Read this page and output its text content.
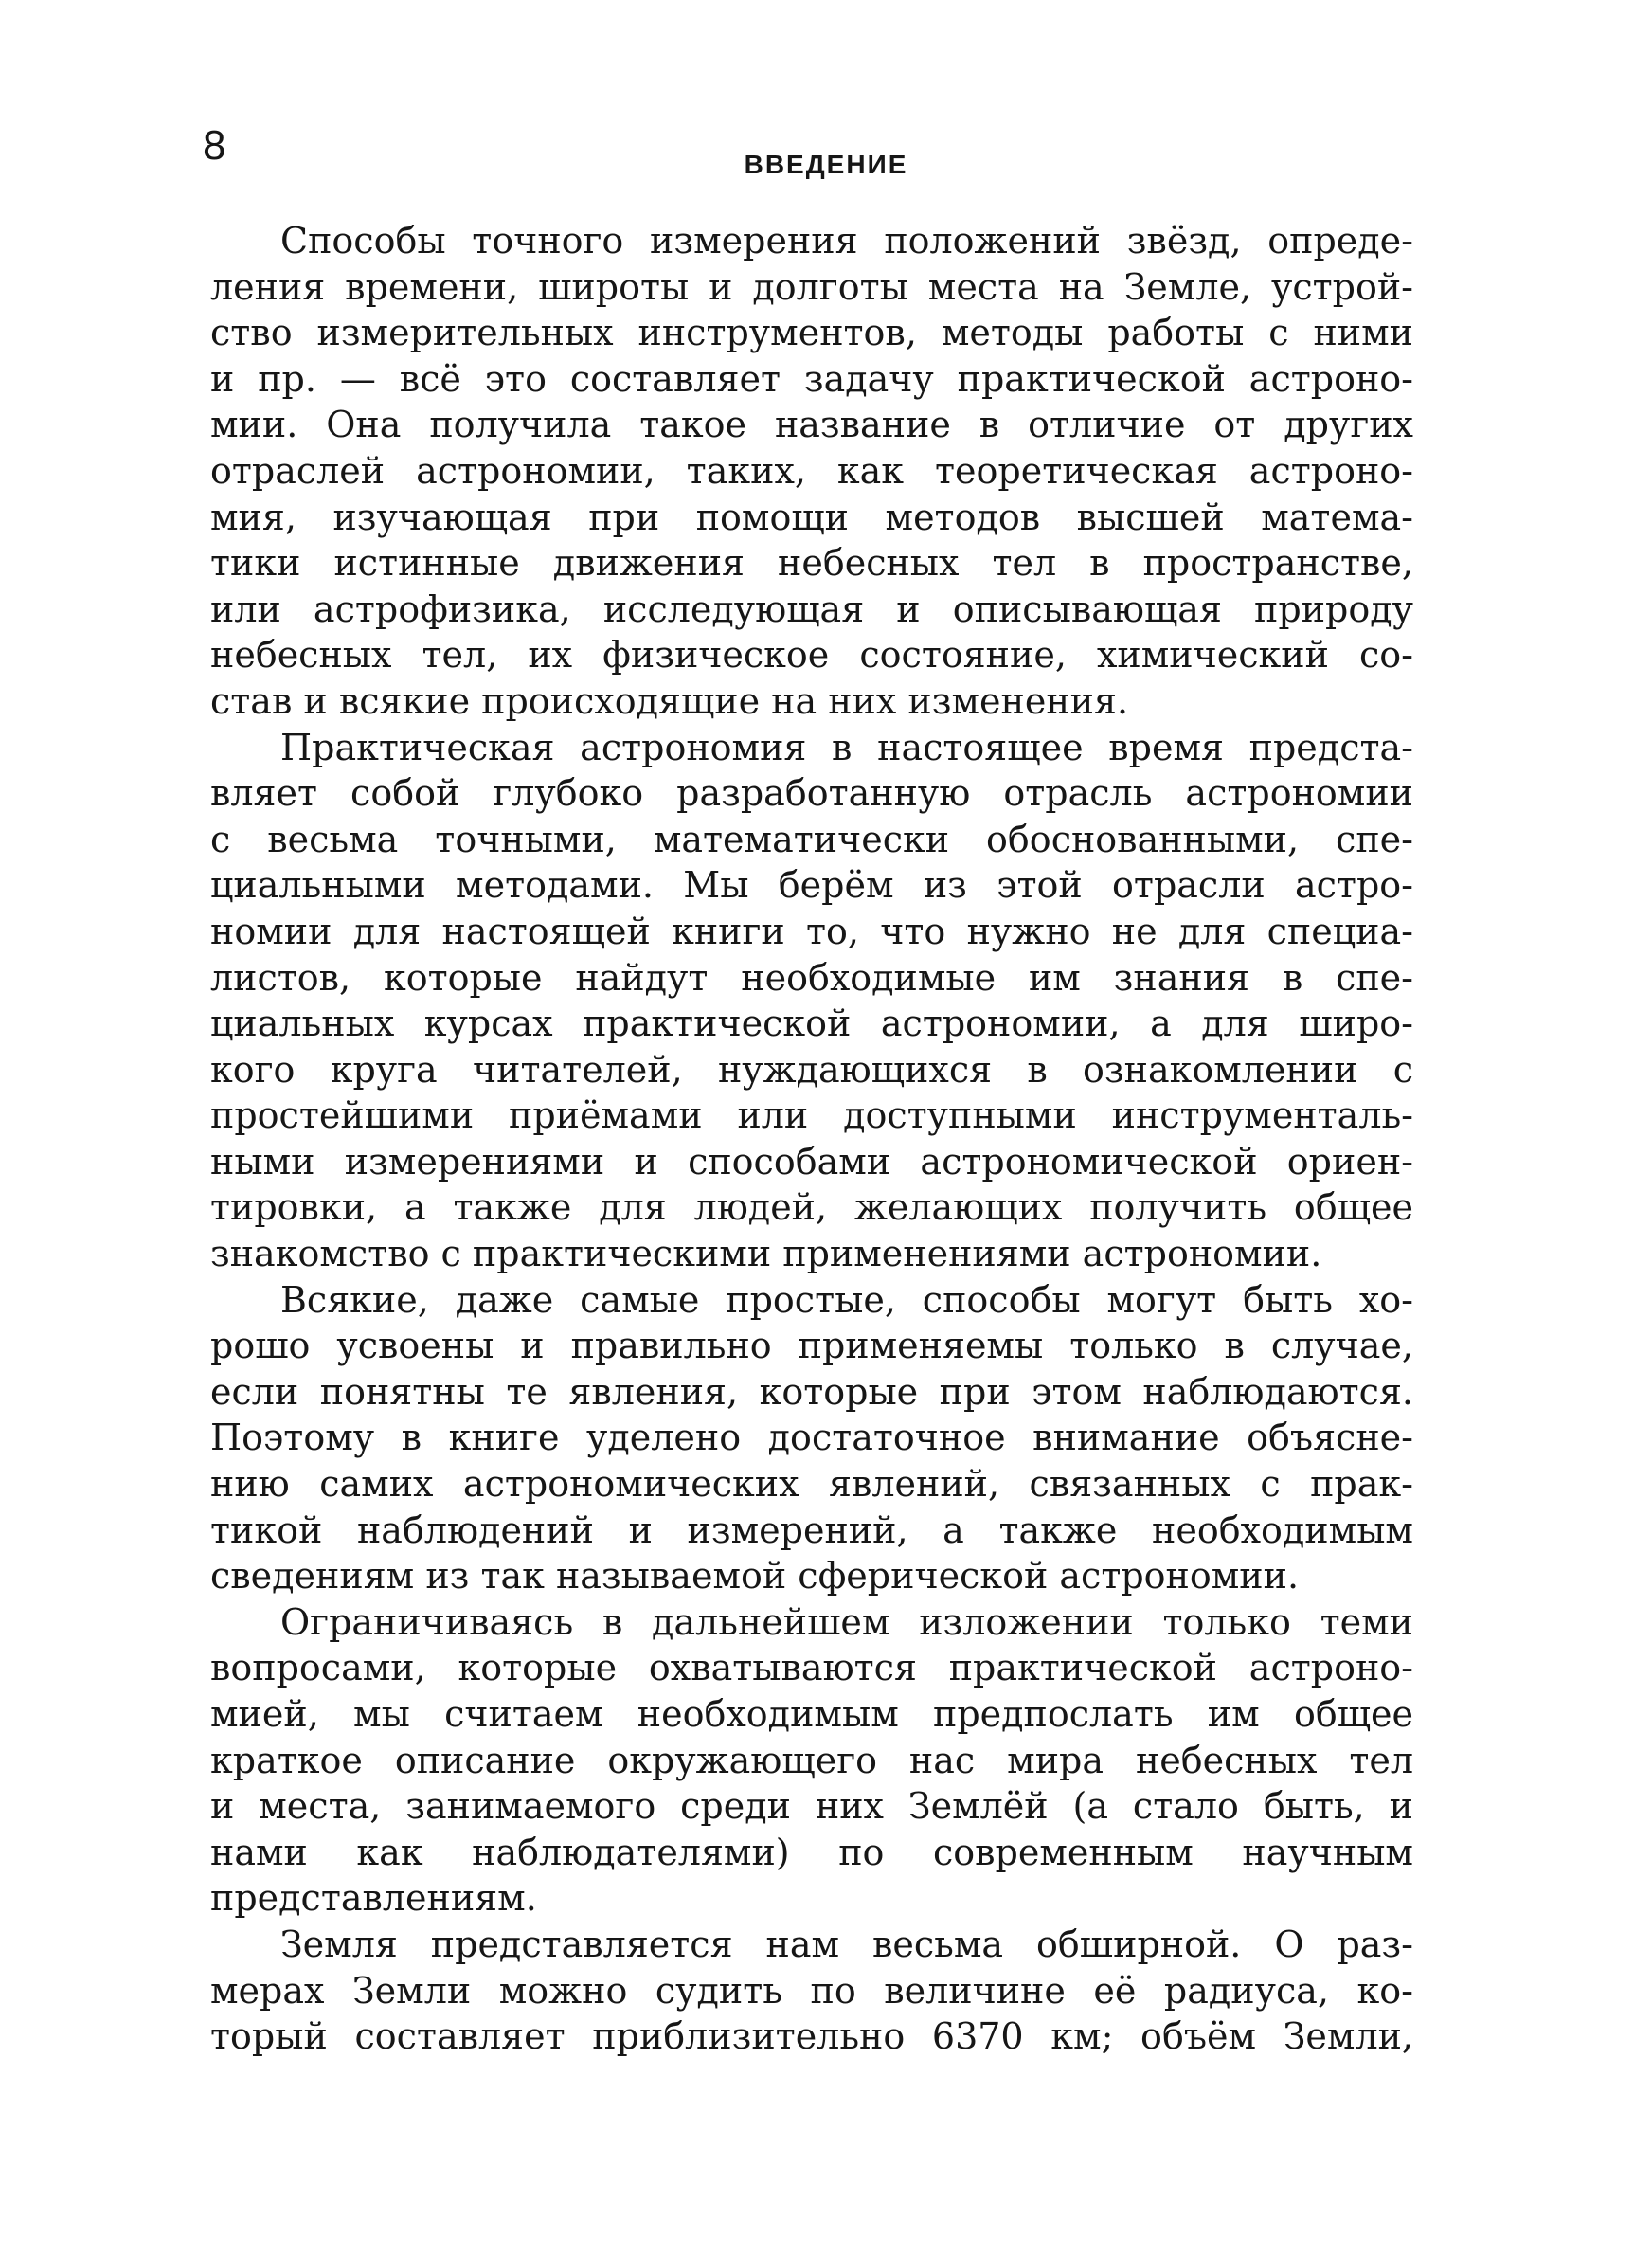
8	ВВЕДЕНИЕ
Способы точного измерения положений звёзд, опреде-
ления времени, широты и долготы места на Земле, устрой-
ство измерительных инструментов, методы работы с ними
и пр. — всё это составляет задачу практической астроно-
мии. Она получила такое название в отличие от других
отраслей астрономии, таких, как теоретическая астроно-
мия, изучающая при помощи методов высшей матема-
тики истинные движения небесных тел в пространстве,
или астрофизика, исследующая и описывающая природу
небесных тел, их физическое состояние, химический со-
став и всякие происходящие на них изменения.
Практическая астрономия в настоящее время предста-
вляет собой глубоко разработанную отрасль астрономии
с весьма точными, математически обоснованными, спе-
циальными методами. Мы берём из этой отрасли астро-
номии для настоящей книги то, что нужно не для специа-
листов, которые найдут необходимые им знания в спе-
циальных курсах практической астрономии, а для широ-
кого круга читателей, нуждающихся в ознакомлении с
простейшими приёмами или доступными инструменталь-
ными измерениями и способами астрономической ориен-
тировки, а также для людей, желающих получить общее
знакомство с практическими применениями астрономии.
Всякие, даже самые простые, способы могут быть хо-
рошо усвоены и правильно применяемы только в случае,
если понятны те явления, которые при этом наблюдаются.
Поэтому в книге уделено достаточное внимание объясне-
нию самих астрономических явлений, связанных с прак-
тикой наблюдений и измерений, а также необходимым
сведениям из так называемой сферической астрономии.
Ограничиваясь в дальнейшем изложении только теми
вопросами, которые охватываются практической астроно-
мией, мы считаем необходимым предпослать им общее
краткое описание окружающего нас мира небесных тел
и места, занимаемого среди них Землёй (а стало быть, и
нами как наблюдателями) по современным научным
представлениям.
Земля представляется нам весьма обширной. О раз-
мерах Земли можно судить по величине её радиуса, ко-
торый составляет приблизительно 6370 км; объём Земли,
